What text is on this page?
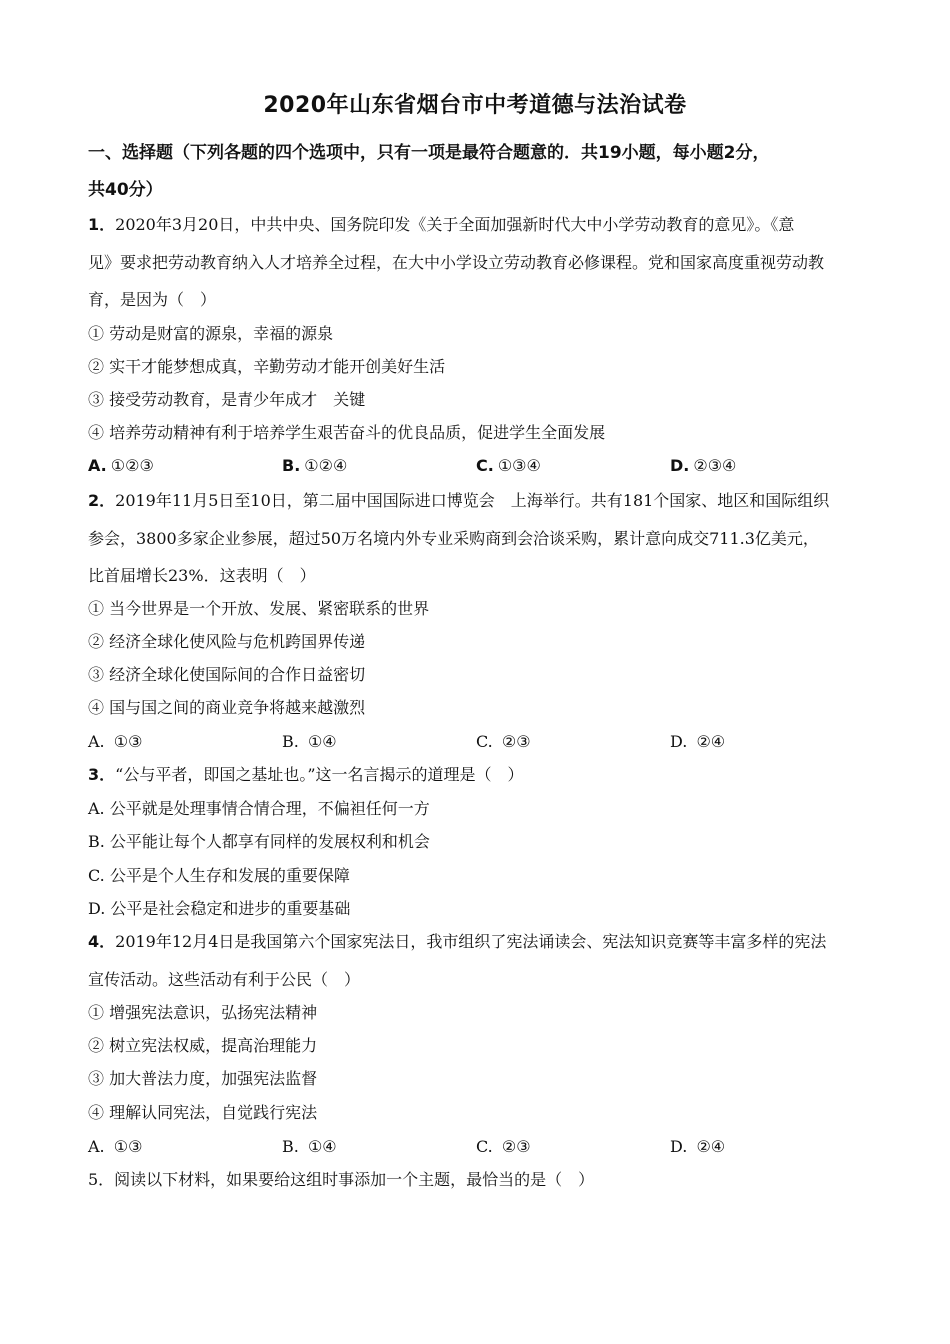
2020年山东省烟台市中考道德与法治试卷
一、选择题（下列各题的四个选项中，只有一项是最符合题意的．共19小题，每小题2分，
共40分）
1．2020年3月20日，中共中央、国务院印发《关于全面加强新时代大中小学劳动教育的意见》。《意
见》要求把劳动教育纳入人才培养全过程，在大中小学设立劳动教育必修课程。党和国家高度重视劳动教
育，是因为（　）
① 劳动是财富的源泉，幸福的源泉
② 实干才能梦想成真，辛勤劳动才能开创美好生活
③ 接受劳动教育，是青少年成才　关键
④ 培养劳动精神有利于培养学生艰苦奋斗的优良品质，促进学生全面发展
A. ①②③	B. ①②④	C. ①③④	D. ②③④
2．2019年11月5日至10日，第二届中国国际进口博览会　上海举行。共有181个国家、地区和国际组织
参会，3800多家企业参展，超过50万名境内外专业采购商到会洽谈采购，累计意向成交711.3亿美元，
比首届增长23%．这表明（　）
① 当今世界是一个开放、发展、紧密联系的世界
② 经济全球化使风险与危机跨国界传递
③ 经济全球化使国际间的合作日益密切
④ 国与国之间的商业竞争将越来越激烈
A. ①③	B. ①④	C. ②③	D. ②④
3．“公与平者，即国之基址也。”这一名言揭示的道理是（　）
A. 公平就是处理事情合情合理，不偏袒任何一方
B. 公平能让每个人都享有同样的发展权利和机会
C. 公平是个人生存和发展的重要保障
D. 公平是社会稳定和进步的重要基础
4．2019年12月4日是我国第六个国家宪法日，我市组织了宪法诵读会、宪法知识竞赛等丰富多样的宪法
宣传活动。这些活动有利于公民（　）
① 增强宪法意识，弘扬宪法精神
② 树立宪法权威，提高治理能力
③ 加大普法力度，加强宪法监督
④ 理解认同宪法，自觉践行宪法
A. ①③	B. ①④	C. ②③	D. ②④
5．阅读以下材料，如果要给这组时事添加一个主题，最恰当的是（　）
